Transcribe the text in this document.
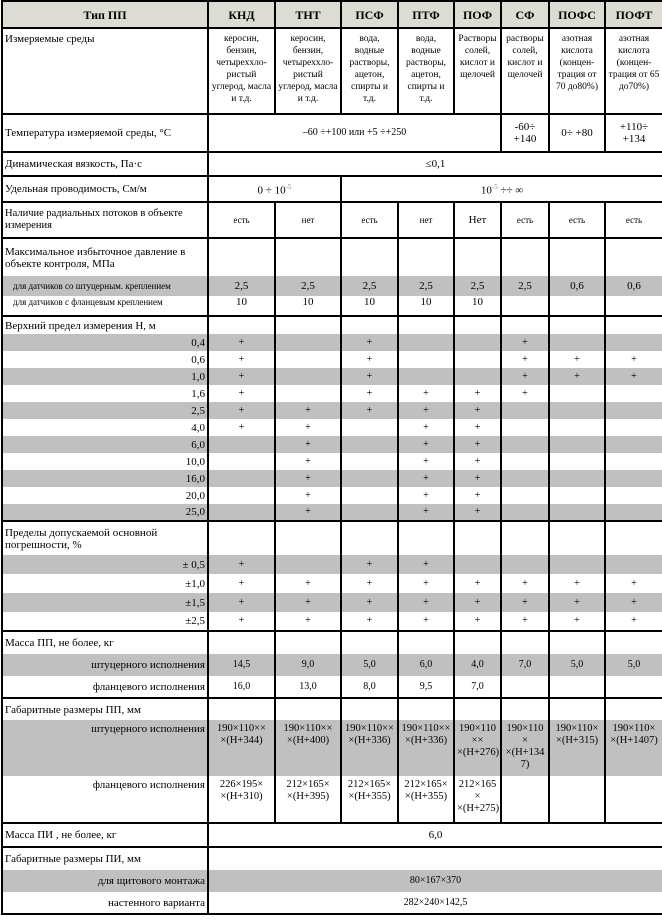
Тип ПП	КНД	ТНТ	ПСФ	ПТФ	ПОФ	СФ	ПОФС	ПОФТ
Измеряемые среды	керосин, бензин, четыреххло-ристый углерод, масла и т.д.	керосин, бензин, четыреххло-ристый углерод, масла и т.д.	вода, водные растворы, ацетон, спирты и т.д.	вода, водные растворы, ацетон, спирты и т.д.	Растворы солей, кислот и щелочей	растворы солей, кислот и щелочей	азотная кислота (концен-трация от 70 до80%)	азотная кислота (концен-трация от 65 до70%)
Температура измеряемой среды, °С	–60 ÷+100 или +5 ÷+250					-60÷ +140	0÷ +80	+110÷ +134
Динамическая вязкость, Па·с	≤0,1							
Удельная проводимость, См/м	$0 \div 10^{-5}$		$10^{-5}$ ÷÷ ∞					
Наличие радиальных потоков в объекте измерения	есть	нет	есть	нет	Нет	есть	есть	есть
Максимальное избыточное давление в объекте контроля, МПа								
для датчиков со штуцерным. креплением	2,5	2,5	2,5	2,5	2,5	2,5	0,6	0,6
для датчиков с фланцевым креплением	10	10	10	10	10			
Верхний предел измерения Н, м								
0,4	+		+			+		
0,6	+		+			+	+	+
1,0	+		+			+	+	+
1,6	+		+	+	+	+		
2,5	+	+	+	+	+			
4,0	+	+		+	+			
6,0		+		+	+			
10,0		+		+	+			
16,0		+		+	+			
20,0		+		+	+			
25,0		+		+	+			
Пределы допускаемой основной погрешности, %								
± 0,5	+		+	+				
±1,0	+	+	+	+	+	+	+	+
±1,5	+	+	+	+	+	+	+	+
±2,5	+	+	+	+	+	+	+	+
Масса ПП, не более, кг								
штуцерного исполнения	14,5	9,0	5,0	6,0	4,0	7,0	5,0	5,0
фланцевого исполнения	16,0	13,0	8,0	9,5	7,0			
Габаритные размеры ПП, мм								
штуцерного исполнения	190×110×× ×(Н+344)	190×110×× ×(Н+400)	190×110×× ×(Н+336)	190×110×× ×(Н+336)	190×110 ×× ×(Н+276)	190×110 × ×(Н+134 7)	190×110× ×(Н+315)	190×110× ×(Н+1407)
фланцевого исполнения	226×195× ×(Н+310)	212×165× ×(Н+395)	212×165× ×(Н+355)	212×165× ×(Н+355)	212×165 × ×(Н+275)			
Масса ПИ , не более, кг	6,0							
Габаритные размеры ПИ, мм								
для щитового монтажа	80×167×370							
настенного варианта	282×240×142,5							
